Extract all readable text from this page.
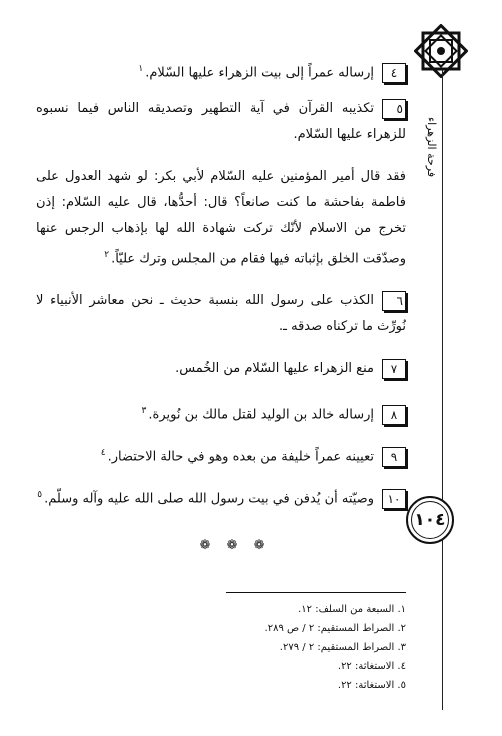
فرحة الزهراء
١٠٤
٤إرساله عمراً إلى بيت الزهراء عليها السّلام.$^١$
٥تكذيبه القرآن في آية التطهير وتصديقه الناس فيما نسبوه للزهراء عليها السّلام.
فقد قال أمير المؤمنين عليه السّلام لأبي بكر: لو شهد العدول على فاطمة بفاحشة ما كنت صانعاً؟ قال: أحدُّها، قال عليه السّلام: إذن تخرج من الاسلام لأنّك تركت شهادة الله لها بإذهاب الرجس عنها وصدّقت الخلق بإثباته فيها فقام من المجلس وترك عليّاً.$^٢$
٦الكذب على رسول الله بنسبة حديث ـ نحن معاشر الأنبياء لا نُورِّث ما تركناه صدقه ـ.
٧منع الزهراء عليها السّلام من الخُمس.
٨إرساله خالد بن الوليد لقتل مالك بن نُويرة.$^٣$
٩تعيينه عمراً خليفة من بعده وهو في حالة الاحتضار.$^٤$
١٠وصيّته أن يُدفن في بيت رسول الله صلى الله عليه وآله وسلّم.$^٥$
❁ ❁ ❁
١. السبعة من السلف: ١٢.
٢. الصراط المستقيم: ٢ / ص ٢٨٩.
٣. الصراط المستقيم: ٢ / ٢٧٩.
٤. الاستغاثة: ٢٢.
٥. الاستغاثة: ٢٢.
